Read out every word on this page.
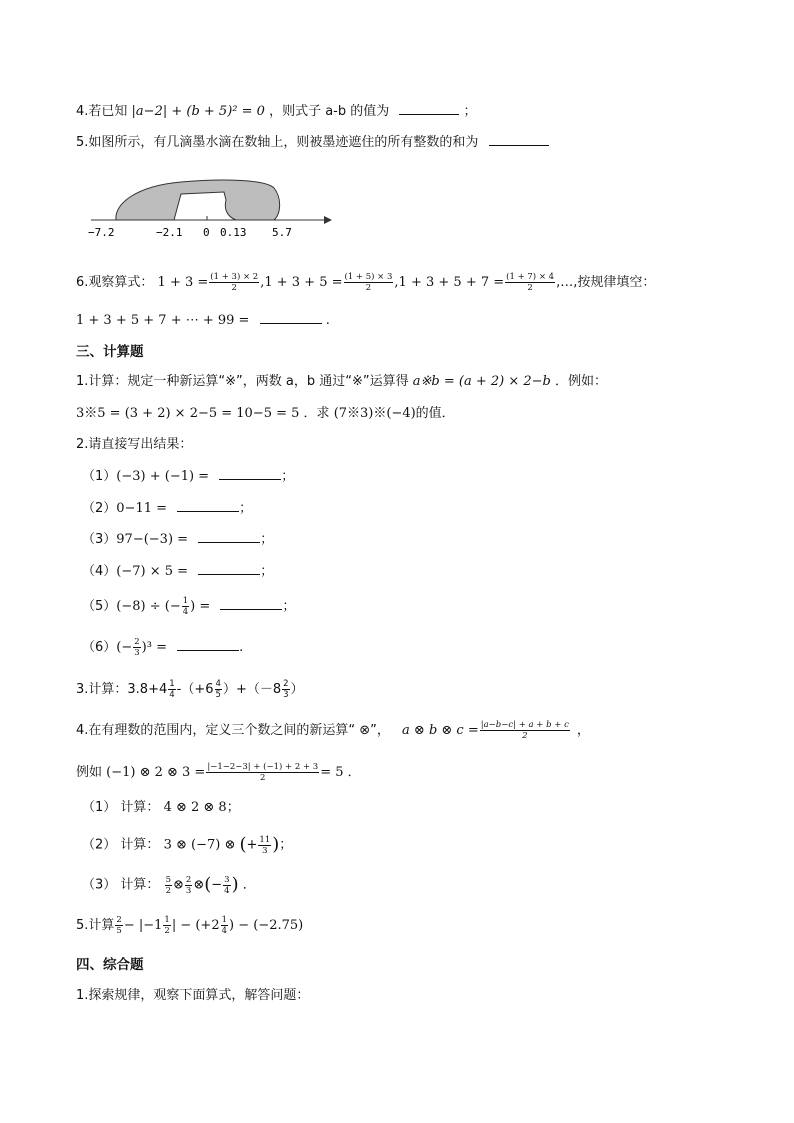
4.若已知 |a−2| + (b + 5)² = 0 ，则式子 a-b 的值为	；
5.如图所示，有几滴墨水滴在数轴上，则被墨迹遮住的所有整数的和为
−7.2	−2.1 0 0.13 5.7
6.观察算式： $1 + 3 = \frac{(1 + 3) \times 2}{2} ,1 + 3 + 5 = \frac{(1 + 5) \times 3}{2} ,1 + 3 + 5 + 7 = \frac{(1 + 7) \times 4}{2}$ ,…,按规律填空：
1 + 3 + 5 + 7 + ⋯ + 99 =	.
三、计算题
1.计算：规定一种新运算“※”，两数 a，b 通过“※”运算得 a※b = (a + 2) × 2−b ．例如：
3※5 = (3 + 2) × 2−5 = 10−5 = 5 ．求 (7※3)※(−4)的值．
2.请直接写出结果：
（1）(−3) + (−1) =	；
（2）0−11 =	；
（3）97−(−3) =	；
（4）(−7) × 5 =	；
（5）(−8) ÷ (− $\frac{1}{4}$ ) =	；
$(6)(- \frac{2}{3} )^3$ =	.
3.计算：$3.8+4 \frac{1}{4} -(+6 \frac{4}{5} )+(-8 \frac{2}{3}$ ）
4.在有理数的范围内，定义三个数之间的新运算“ ⊗”， a ⊗ b ⊗ $c = \frac{|a-b-c| + a + b + c}{2}$ ，
例如 (−1) ⊗ 2 ⊗ $3 = \frac{|-1-2-3| + (-1) + 2 + 3}{2} = 5$ ．
（1） 计算： 4 ⊗ 2 ⊗ 8；
（2） 计算： 3 ⊗ (−7) ⊗ (+ $\frac{11}{3}$ )；
（3） 计算： $\frac{5}{2}$ ⊗ $\frac{2}{3}$ ⊗(− $\frac{3}{4}$ ) ．
5.计算 $\frac{2}{5} - |-1 \frac{1}{2}$ | − ($+2 \frac{1}{4}$ ) − (−2.75)
四、综合题
1.探索规律，观察下面算式，解答问题：
